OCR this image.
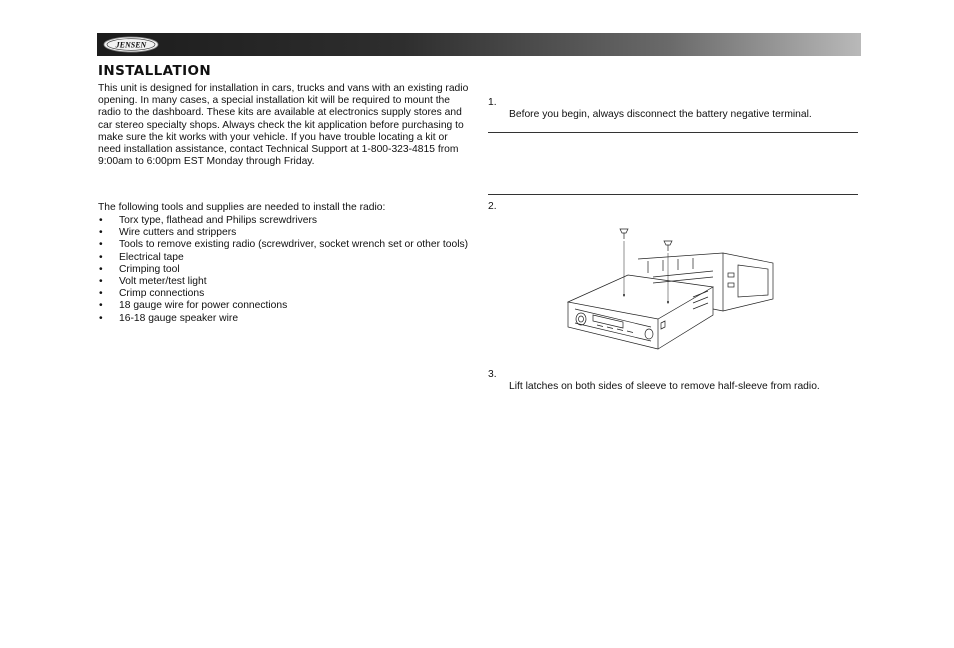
JENSEN
INSTALLATION

This unit is designed for installation in cars, trucks and vans with an existing radio opening. In many cases, a special installation kit will be required to mount the radio to the dashboard. These kits are available at electronics supply stores and car stereo specialty shops. Always check the kit application before purchasing to make sure the kit works with your vehicle. If you have trouble locating a kit or need installation assistance, contact Technical Support at 1-800-323-4815 from 9:00am to 6:00pm EST Monday through Friday.

The following tools and supplies are needed to install the radio:

• Torx type, flathead and Philips screwdrivers
• Wire cutters and strippers
• Tools to remove existing radio (screwdriver, socket wrench set or other tools)
• Electrical tape
• Crimping tool
• Volt meter/test light
• Crimp connections
• 18 gauge wire for power connections
• 16-18 gauge speaker wire

1.

Before you begin, always disconnect the battery negative terminal.

2.

3.

Lift latches on both sides of sleeve to remove half-sleeve from radio.
